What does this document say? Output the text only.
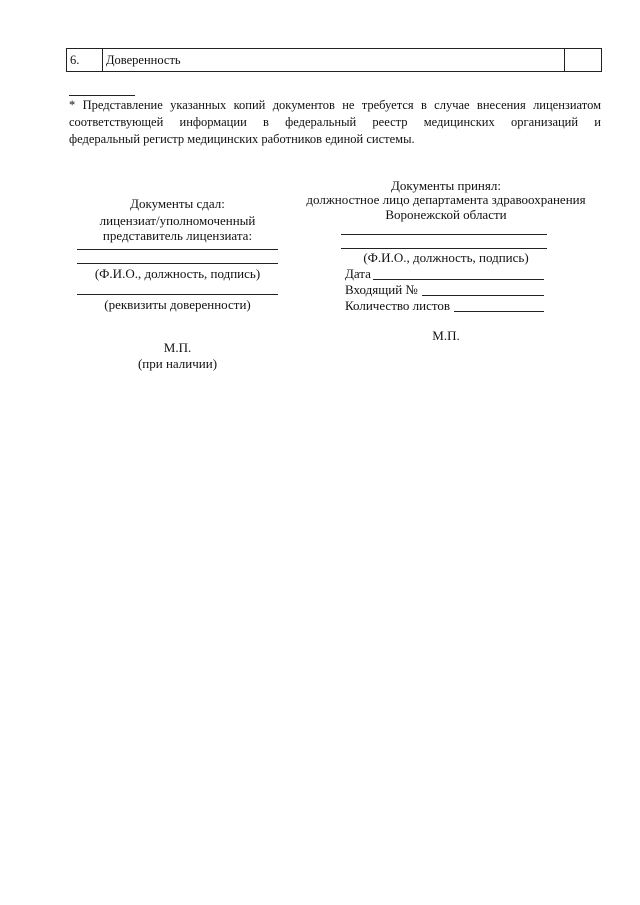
6.	Доверенность
* Представление указанных копий документов не требуется в случае внесения лицензиатом
соответствующей информации в федеральный реестр медицинских организаций и
федеральный регистр медицинских работников единой системы.
Документы сдал:
лицензиат/уполномоченный
представитель лицензиата:
(Ф.И.О., должность, подпись)
(реквизиты доверенности)
М.П.
(при наличии)
Документы принял:
должностное лицо департамента здравоохранения
Воронежской области
(Ф.И.О., должность, подпись)
Дата
Входящий №
Количество листов
М.П.
